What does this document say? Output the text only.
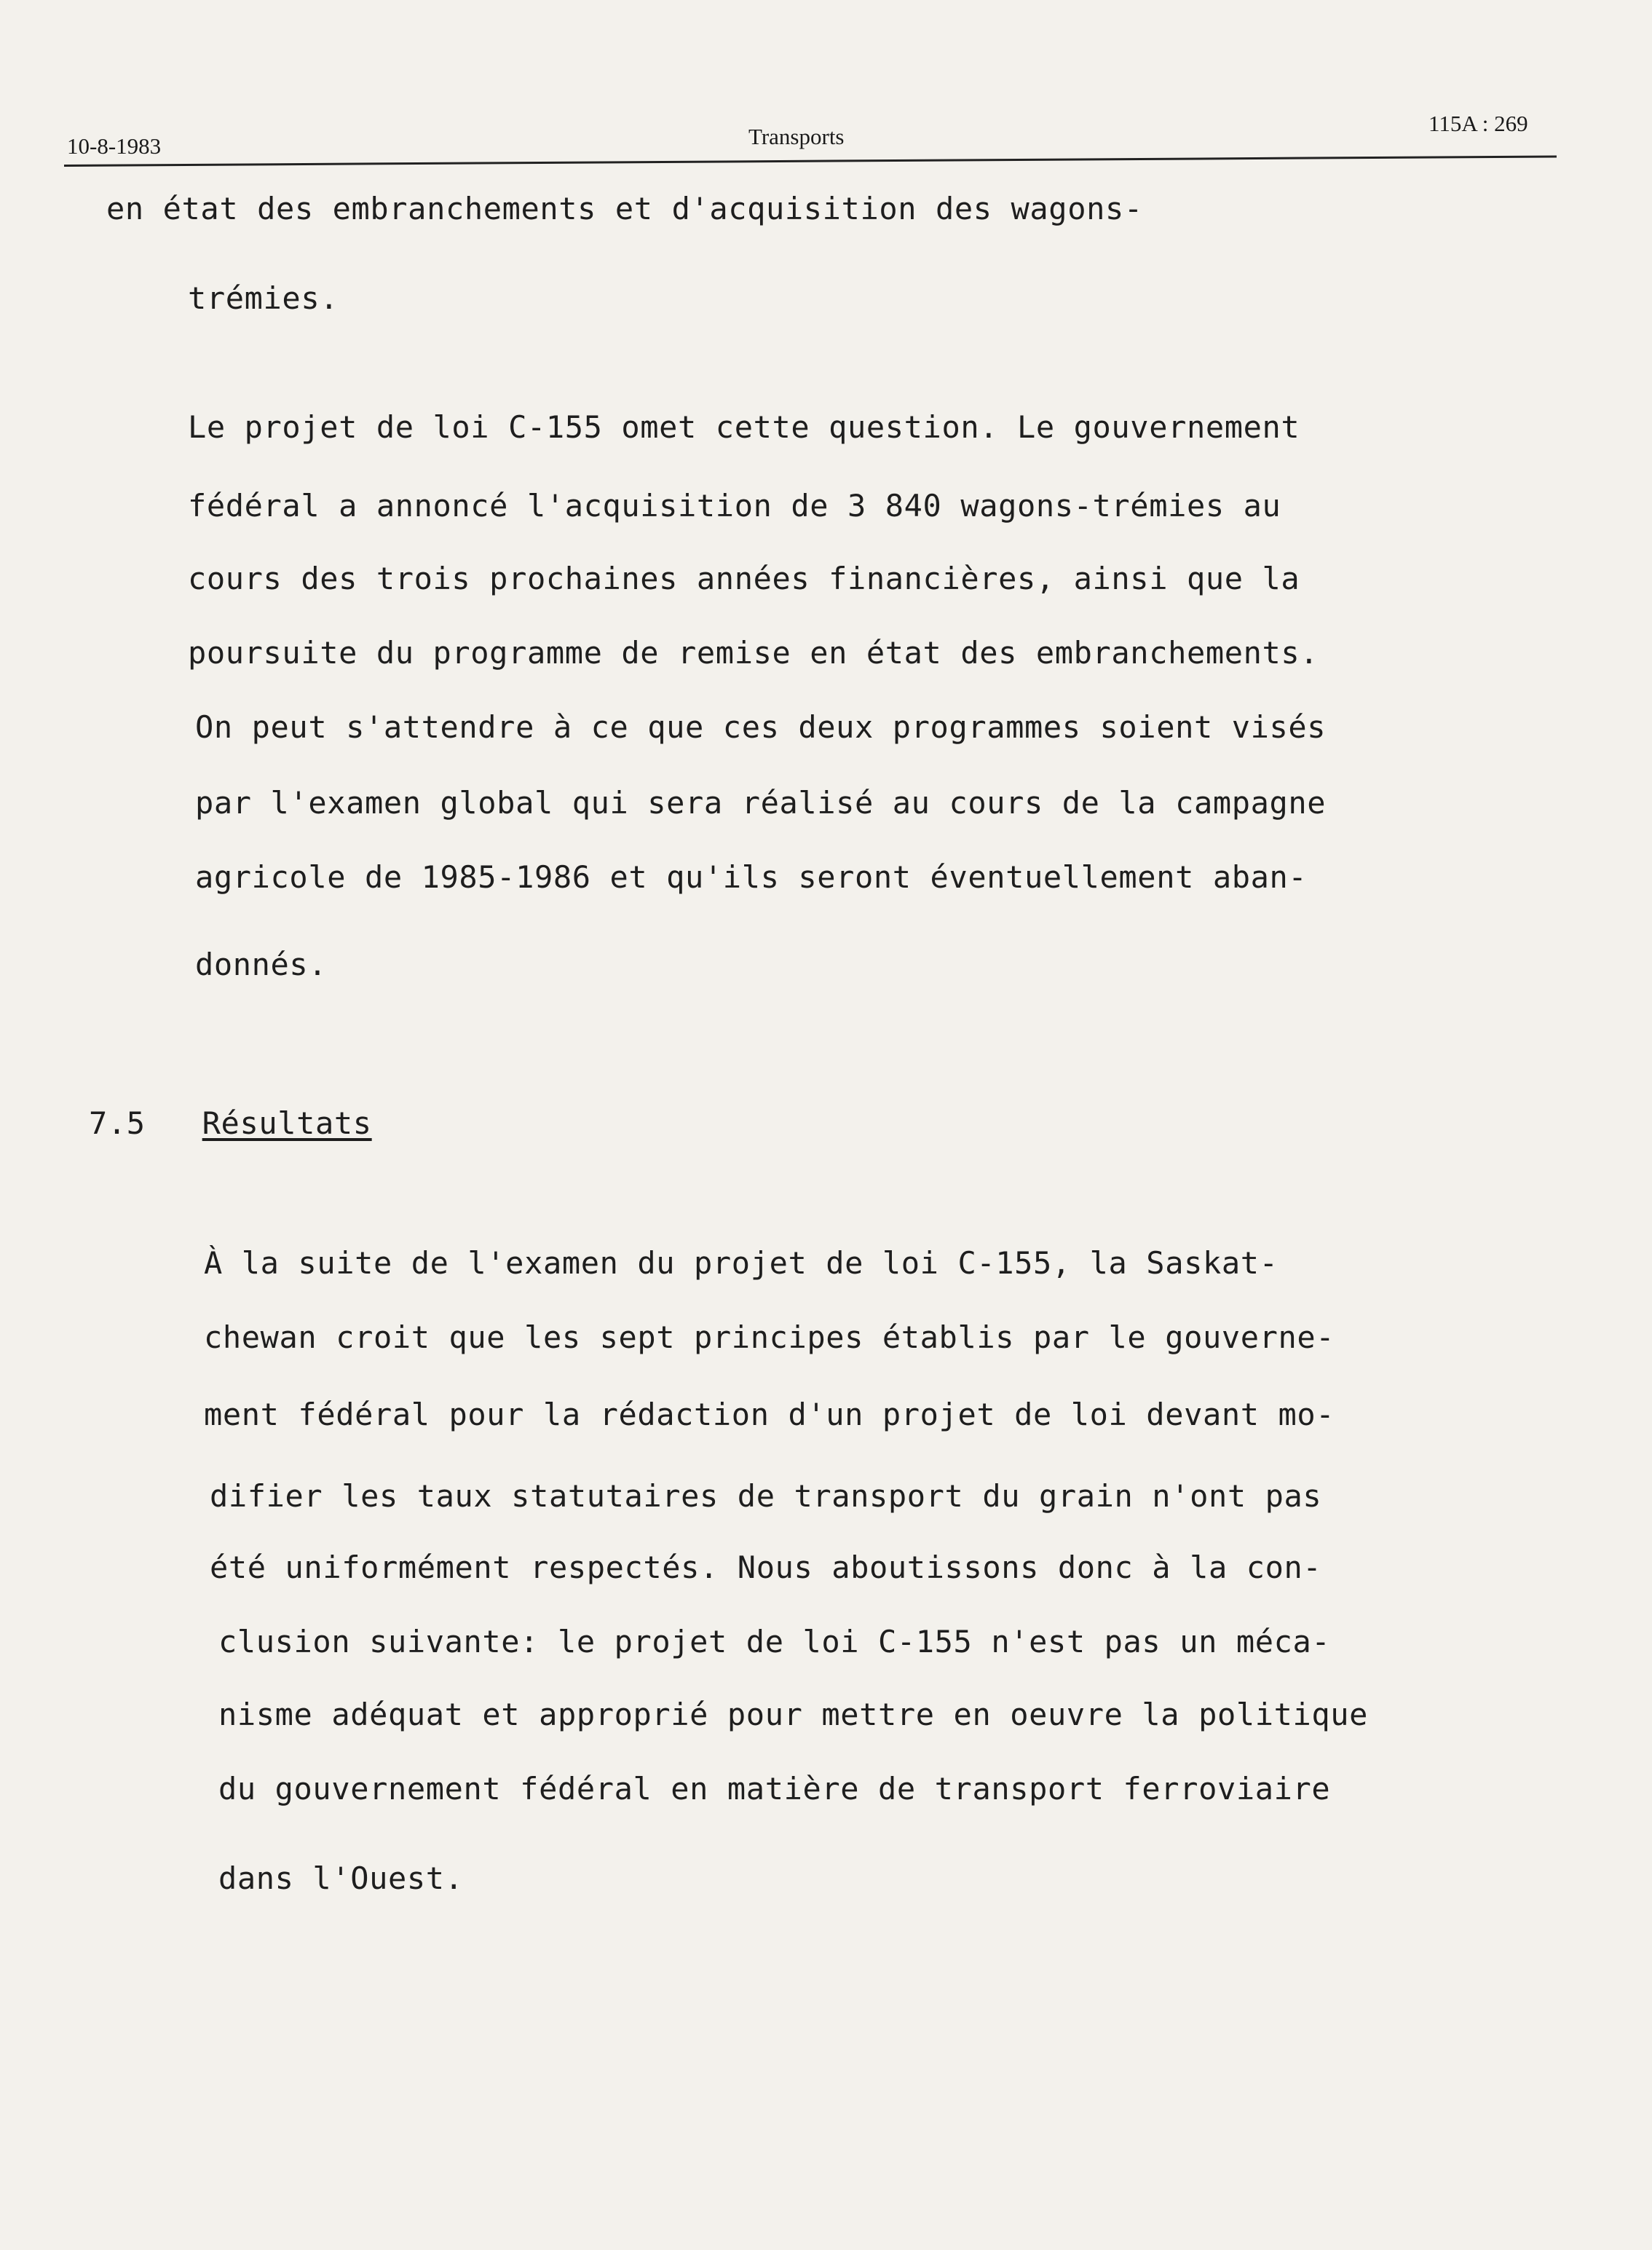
ﾠ
10-8-1983	Transports
115A : 269
en état des embranchements et d'acquisition des wagons-
trémies.
Le projet de loi C-155 omet cette question. Le gouvernement
fédéral a annoncé l'acquisition de 3 840 wagons-trémies au
cours des trois prochaines années financières, ainsi que la
poursuite du programme de remise en état des embranchements.
On peut s'attendre à ce que ces deux programmes soient visés
par l'examen global qui sera réalisé au cours de la campagne
agricole de 1985-1986 et qu'ils seront éventuellement aban-
donnés.
7.5 Résultats
À la suite de l'examen du projet de loi C-155, la Saskat-
chewan croit que les sept principes établis par le gouverne-
ment fédéral pour la rédaction d'un projet de loi devant mo-
difier les taux statutaires de transport du grain n'ont pas
été uniformément respectés. Nous aboutissons donc à la con-
clusion suivante: le projet de loi C-155 n'est pas un méca-
nisme adéquat et approprié pour mettre en oeuvre la politique
du gouvernement fédéral en matière de transport ferroviaire
dans l'Ouest.
